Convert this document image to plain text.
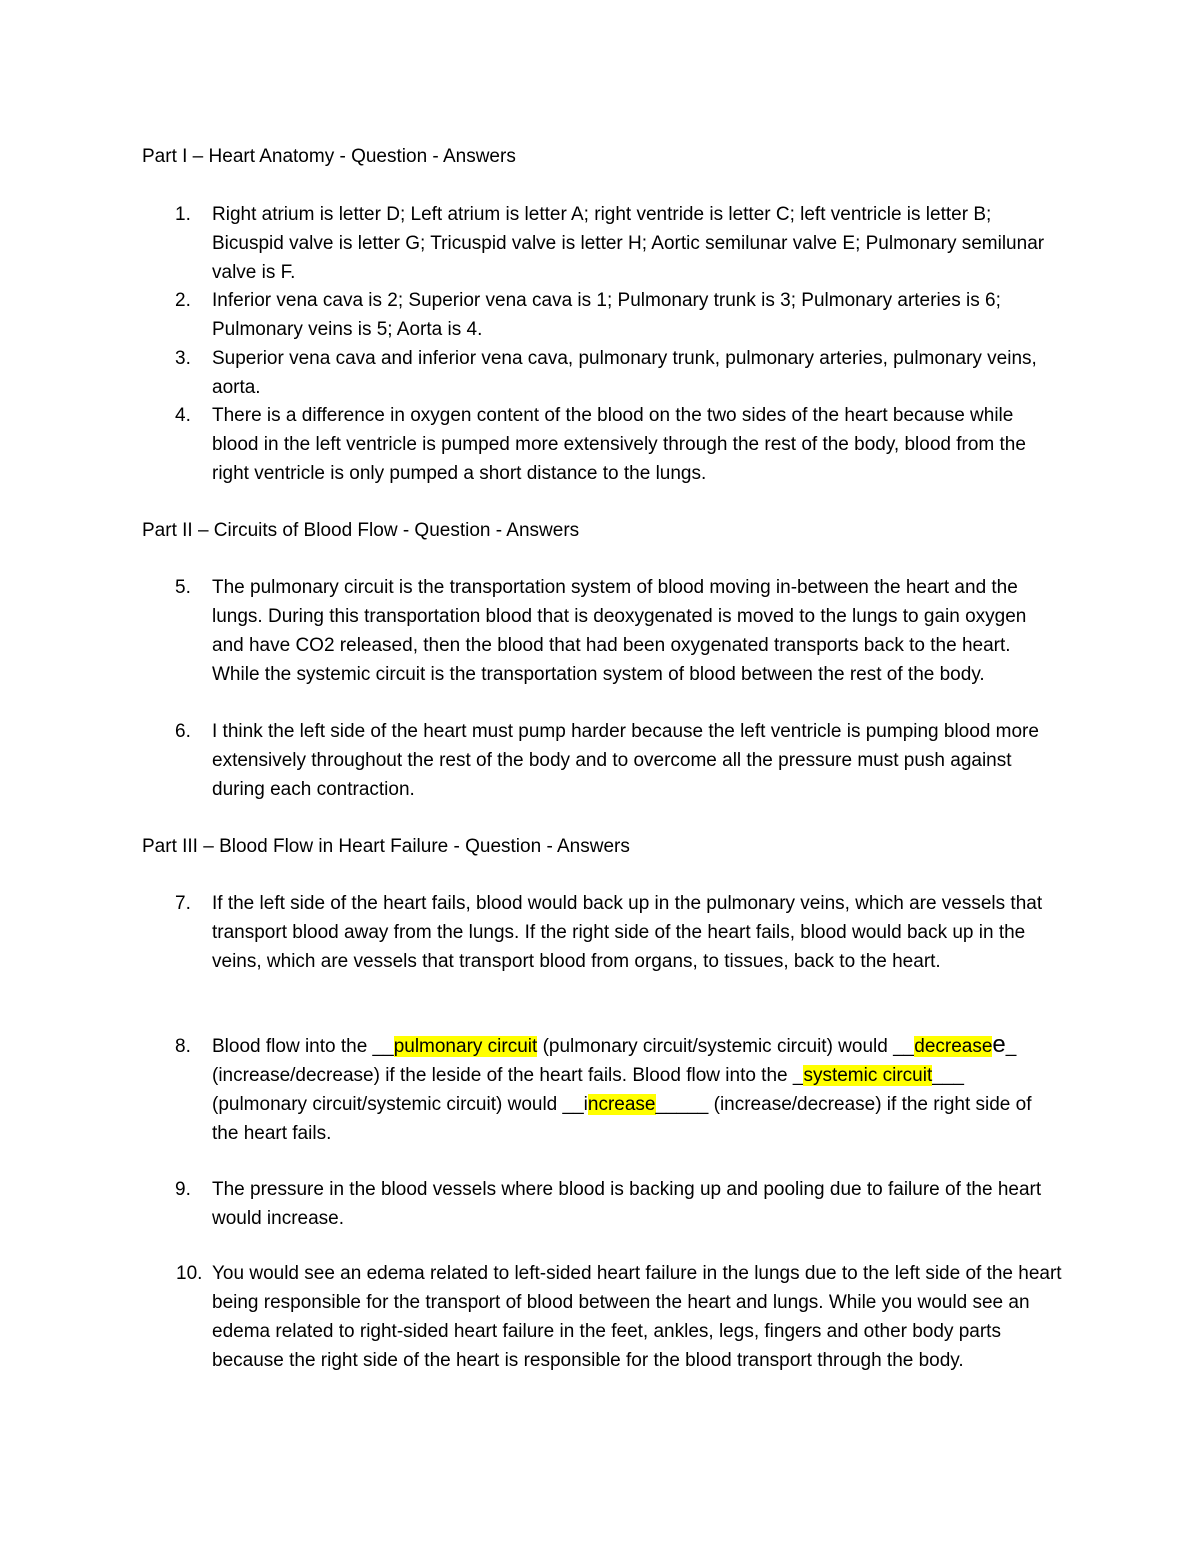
Part I – Heart Anatomy - Question - Answers
1. Right atrium is letter D; Left atrium is letter A; right ventride is letter C; left ventricle is letter B; Bicuspid valve is letter G; Tricuspid valve is letter H; Aortic semilunar valve E; Pulmonary semilunar valve is F.
2. Inferior vena cava is 2; Superior vena cava is 1; Pulmonary trunk is 3; Pulmonary arteries is 6; Pulmonary veins is 5; Aorta is 4.
3. Superior vena cava and inferior vena cava, pulmonary trunk, pulmonary arteries, pulmonary veins, aorta.
4. There is a difference in oxygen content of the blood on the two sides of the heart because while blood in the left ventricle is pumped more extensively through the rest of the body, blood from the right ventricle is only pumped a short distance to the lungs.
Part II – Circuits of Blood Flow - Question - Answers
5. The pulmonary circuit is the transportation system of blood moving in-between the heart and the lungs. During this transportation blood that is deoxygenated is moved to the lungs to gain oxygen and have CO2 released, then the blood that had been oxygenated transports back to the heart. While the systemic circuit is the transportation system of blood between the rest of the body.
6. I think the left side of the heart must pump harder because the left ventricle is pumping blood more extensively throughout the rest of the body and to overcome all the pressure must push against during each contraction.
Part III – Blood Flow in Heart Failure - Question - Answers
7. If the left side of the heart fails, blood would back up in the pulmonary veins, which are vessels that transport blood away from the lungs. If the right side of the heart fails, blood would back up in the veins, which are vessels that transport blood from organs, to tissues, back to the heart.
8. Blood flow into the __pulmonary circuit (pulmonary circuit/systemic circuit) would __decreasee_ (increase/decrease) if the leside of the heart fails. Blood flow into the _systemic circuit___ (pulmonary circuit/systemic circuit) would __increase_____ (increase/decrease) if the right side of the heart fails.
9. The pressure in the blood vessels where blood is backing up and pooling due to failure of the heart would increase.
10. You would see an edema related to left-sided heart failure in the lungs due to the left side of the heart being responsible for the transport of blood between the heart and lungs. While you would see an edema related to right-sided heart failure in the feet, ankles, legs, fingers and other body parts because the right side of the heart is responsible for the blood transport through the body.
